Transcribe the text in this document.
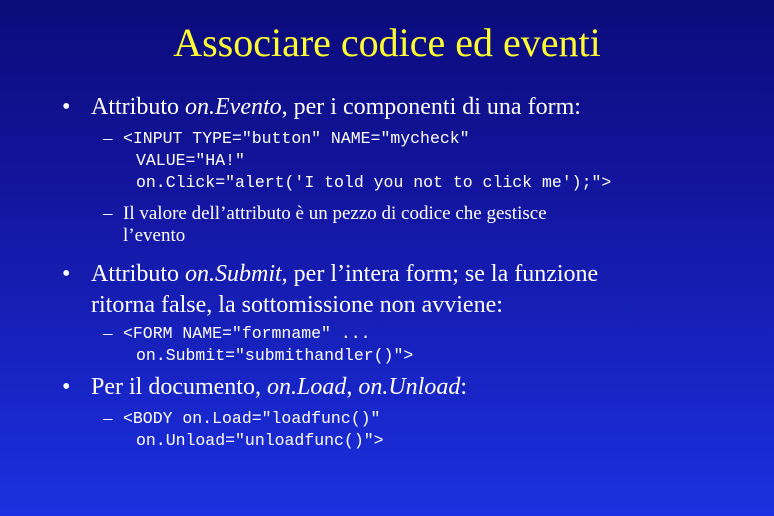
Associare codice ed eventi
• Attributo on.Evento, per i componenti di una form:
– <INPUT TYPE="button" NAME="mycheck"
VALUE="HA!"
on.Click="alert('I told you not to click me');">
– Il valore dell’attributo è un pezzo di codice che gestisce
l’evento
• Attributo on.Submit, per l’intera form; se la funzione
ritorna false, la sottomissione non avviene:
– <FORM NAME="formname" ...
on.Submit="submithandler()">
• Per il documento, on.Load, on.Unload:
– <BODY on.Load="loadfunc()"
on.Unload="unloadfunc()">
